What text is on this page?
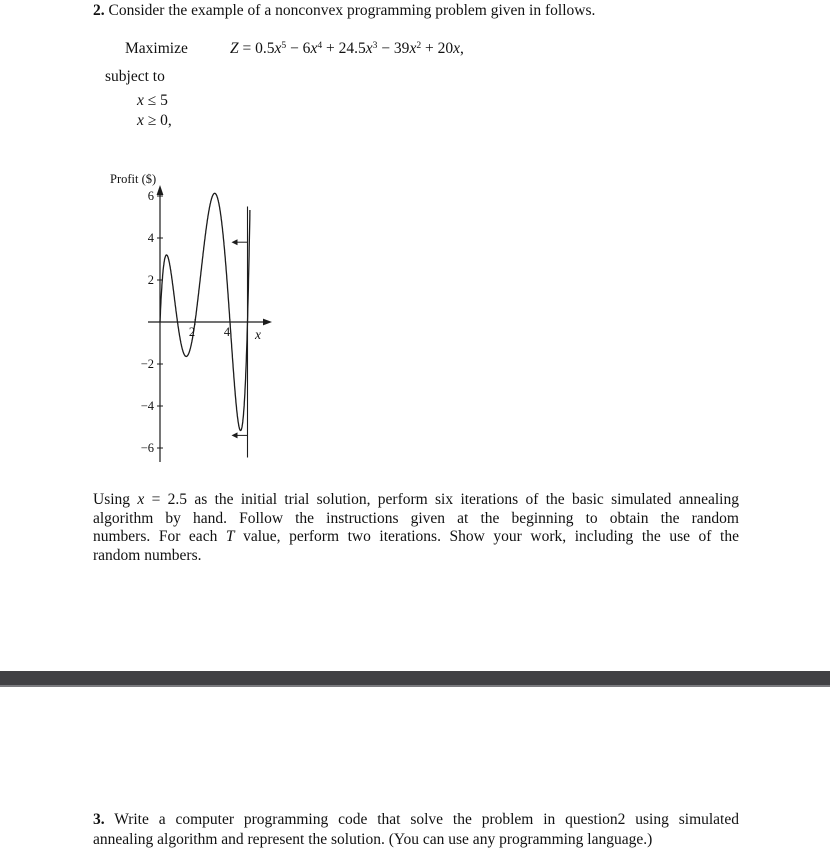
2. Consider the example of a nonconvex programming problem given in follows.
Maximize	$Z = 0.5x^5 - 6x^4 + 24.5x^3 - 39x^2 + 20x$,
subject to
x ≤ 5
x ≥ 0,
Profit ($)
6
4
2
−2
−4
−6
2 4 x
Using x = 2.5 as the initial trial solution, perform six iterations of the basic simulated annealing
algorithm by hand. Follow the instructions given at the beginning to obtain the random
numbers. For each T value, perform two iterations. Show your work, including the use of the
random numbers.
3. Write a computer programming code that solve the problem in question2 using simulated
annealing algorithm and represent the solution. (You can use any programming language.)
